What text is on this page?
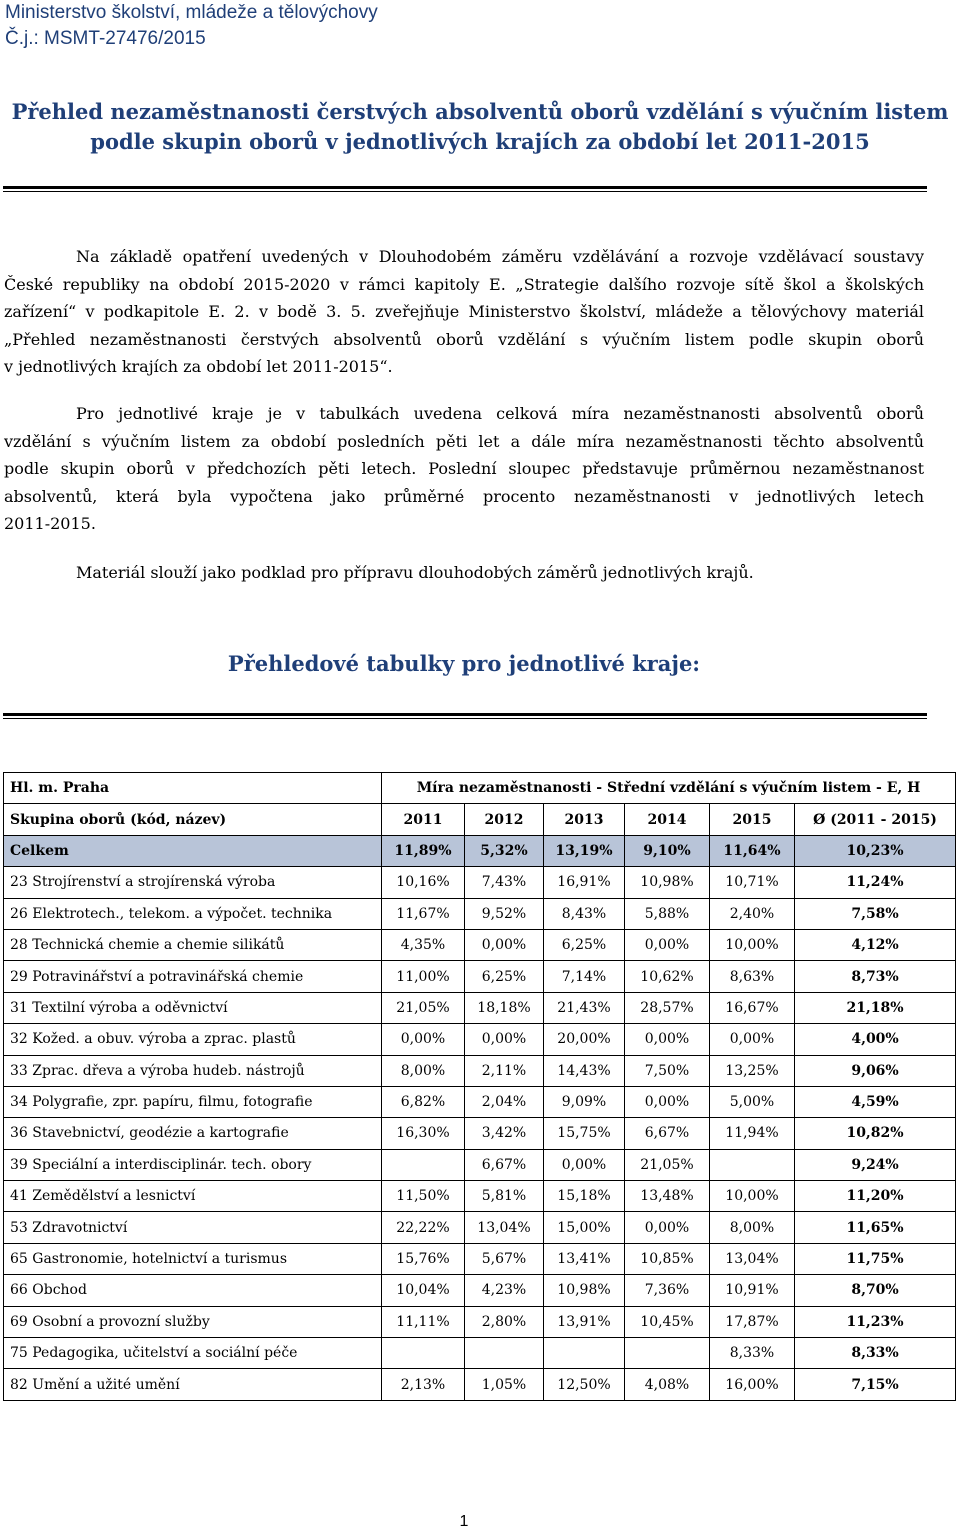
Ministerstvo školství, mládeže a tělovýchovy
Č.j.: MSMT-27476/2015
Přehled nezaměstnanosti čerstvých absolventů oborů vzdělání s výučním listem
podle skupin oborů v jednotlivých krajích za období let 2011-2015
Na základě opatření uvedených v Dlouhodobém záměru vzdělávání a rozvoje vzdělávací soustavy
České republiky na období 2015-2020 v rámci kapitoly E. „Strategie dalšího rozvoje sítě škol a školských
zařízení“ v podkapitole E. 2. v bodě 3. 5. zveřejňuje Ministerstvo školství, mládeže a tělovýchovy materiál
„Přehled nezaměstnanosti čerstvých absolventů oborů vzdělání s výučním listem podle skupin oborů
v jednotlivých krajích za období let 2011-2015“.
Pro jednotlivé kraje je v tabulkách uvedena celková míra nezaměstnanosti absolventů oborů
vzdělání s výučním listem za období posledních pěti let a dále míra nezaměstnanosti těchto absolventů
podle skupin oborů v předchozích pěti letech. Poslední sloupec představuje průměrnou nezaměstnanost
absolventů, která byla vypočtena jako průměrné procento nezaměstnanosti v jednotlivých letech
2011-2015.
Materiál slouží jako podklad pro přípravu dlouhodobých záměrů jednotlivých krajů.
Přehledové tabulky pro jednotlivé kraje:
Hl. m. Praha	Míra nezaměstnanosti - Střední vzdělání s výučním listem - E, H					
Skupina oborů (kód, název)	2011	2012	2013	2014	2015	Ø (2011 - 2015)
Celkem	11,89%	5,32%	13,19%	9,10%	11,64%	10,23%
23 Strojírenství a strojírenská výroba	10,16%	7,43%	16,91%	10,98%	10,71%	11,24%
26 Elektrotech., telekom. a výpočet. technika	11,67%	9,52%	8,43%	5,88%	2,40%	7,58%
28 Technická chemie a chemie silikátů	4,35%	0,00%	6,25%	0,00%	10,00%	4,12%
29 Potravinářství a potravinářská chemie	11,00%	6,25%	7,14%	10,62%	8,63%	8,73%
31 Textilní výroba a oděvnictví	21,05%	18,18%	21,43%	28,57%	16,67%	21,18%
32 Kožed. a obuv. výroba a zprac. plastů	0,00%	0,00%	20,00%	0,00%	0,00%	4,00%
33 Zprac. dřeva a výroba hudeb. nástrojů	8,00%	2,11%	14,43%	7,50%	13,25%	9,06%
34 Polygrafie, zpr. papíru, filmu, fotografie	6,82%	2,04%	9,09%	0,00%	5,00%	4,59%
36 Stavebnictví, geodézie a kartografie	16,30%	3,42%	15,75%	6,67%	11,94%	10,82%
39 Speciální a interdisciplinár. tech. obory		6,67%	0,00%	21,05%		9,24%
41 Zemědělství a lesnictví	11,50%	5,81%	15,18%	13,48%	10,00%	11,20%
53 Zdravotnictví	22,22%	13,04%	15,00%	0,00%	8,00%	11,65%
65 Gastronomie, hotelnictví a turismus	15,76%	5,67%	13,41%	10,85%	13,04%	11,75%
66 Obchod	10,04%	4,23%	10,98%	7,36%	10,91%	8,70%
69 Osobní a provozní služby	11,11%	2,80%	13,91%	10,45%	17,87%	11,23%
75 Pedagogika, učitelství a sociální péče					8,33%	8,33%
82 Umění a užité umění	2,13%	1,05%	12,50%	4,08%	16,00%	7,15%
1
